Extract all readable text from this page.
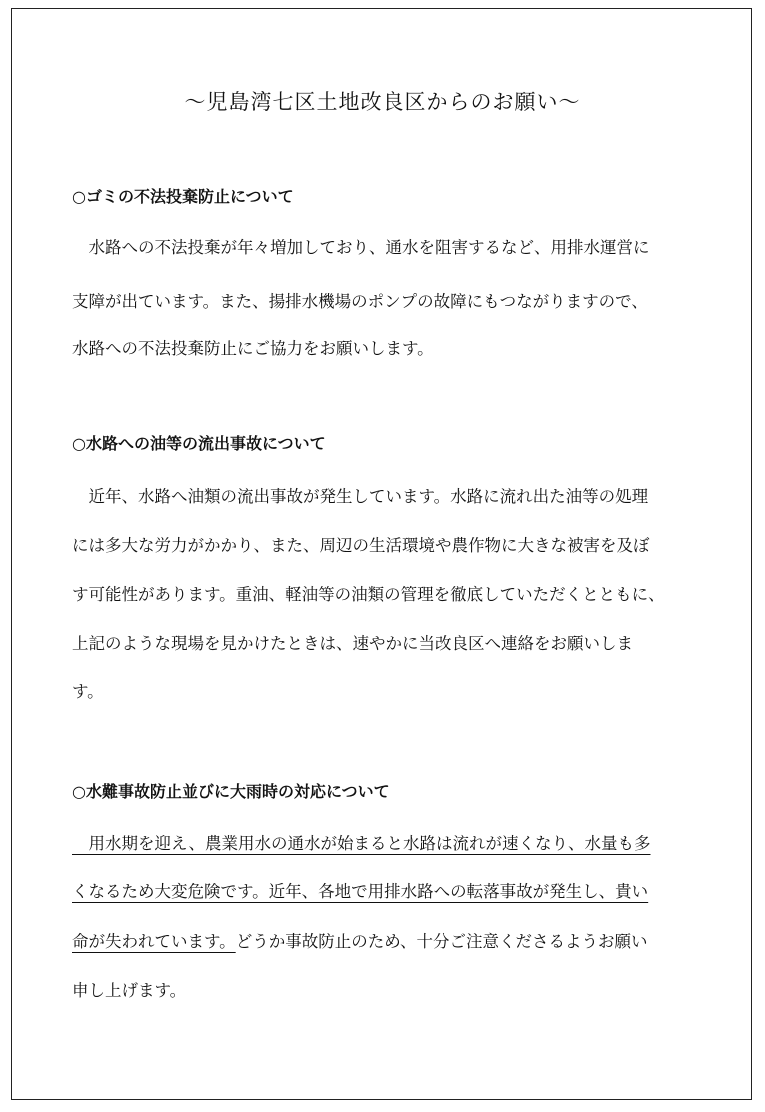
～児島湾七区土地改良区からのお願い～
○ゴミの不法投棄防止について
　水路への不法投棄が年々増加しており、通水を阻害するなど、用排水運営に
支障が出ています。また、揚排水機場のポンプの故障にもつながりますので、
水路への不法投棄防止にご協力をお願いします。
○水路への油等の流出事故について
　近年、水路へ油類の流出事故が発生しています。水路に流れ出た油等の処理
には多大な労力がかかり、また、周辺の生活環境や農作物に大きな被害を及ぼ
す可能性があります。重油、軽油等の油類の管理を徹底していただくとともに、
上記のような現場を見かけたときは、速やかに当改良区へ連絡をお願いしま
す。
○水難事故防止並びに大雨時の対応について
　用水期を迎え、農業用水の通水が始まると水路は流れが速くなり、水量も多
くなるため大変危険です。近年、各地で用排水路への転落事故が発生し、貴い
命が失われています。どうか事故防止のため、十分ご注意くださるようお願い
申し上げます。
